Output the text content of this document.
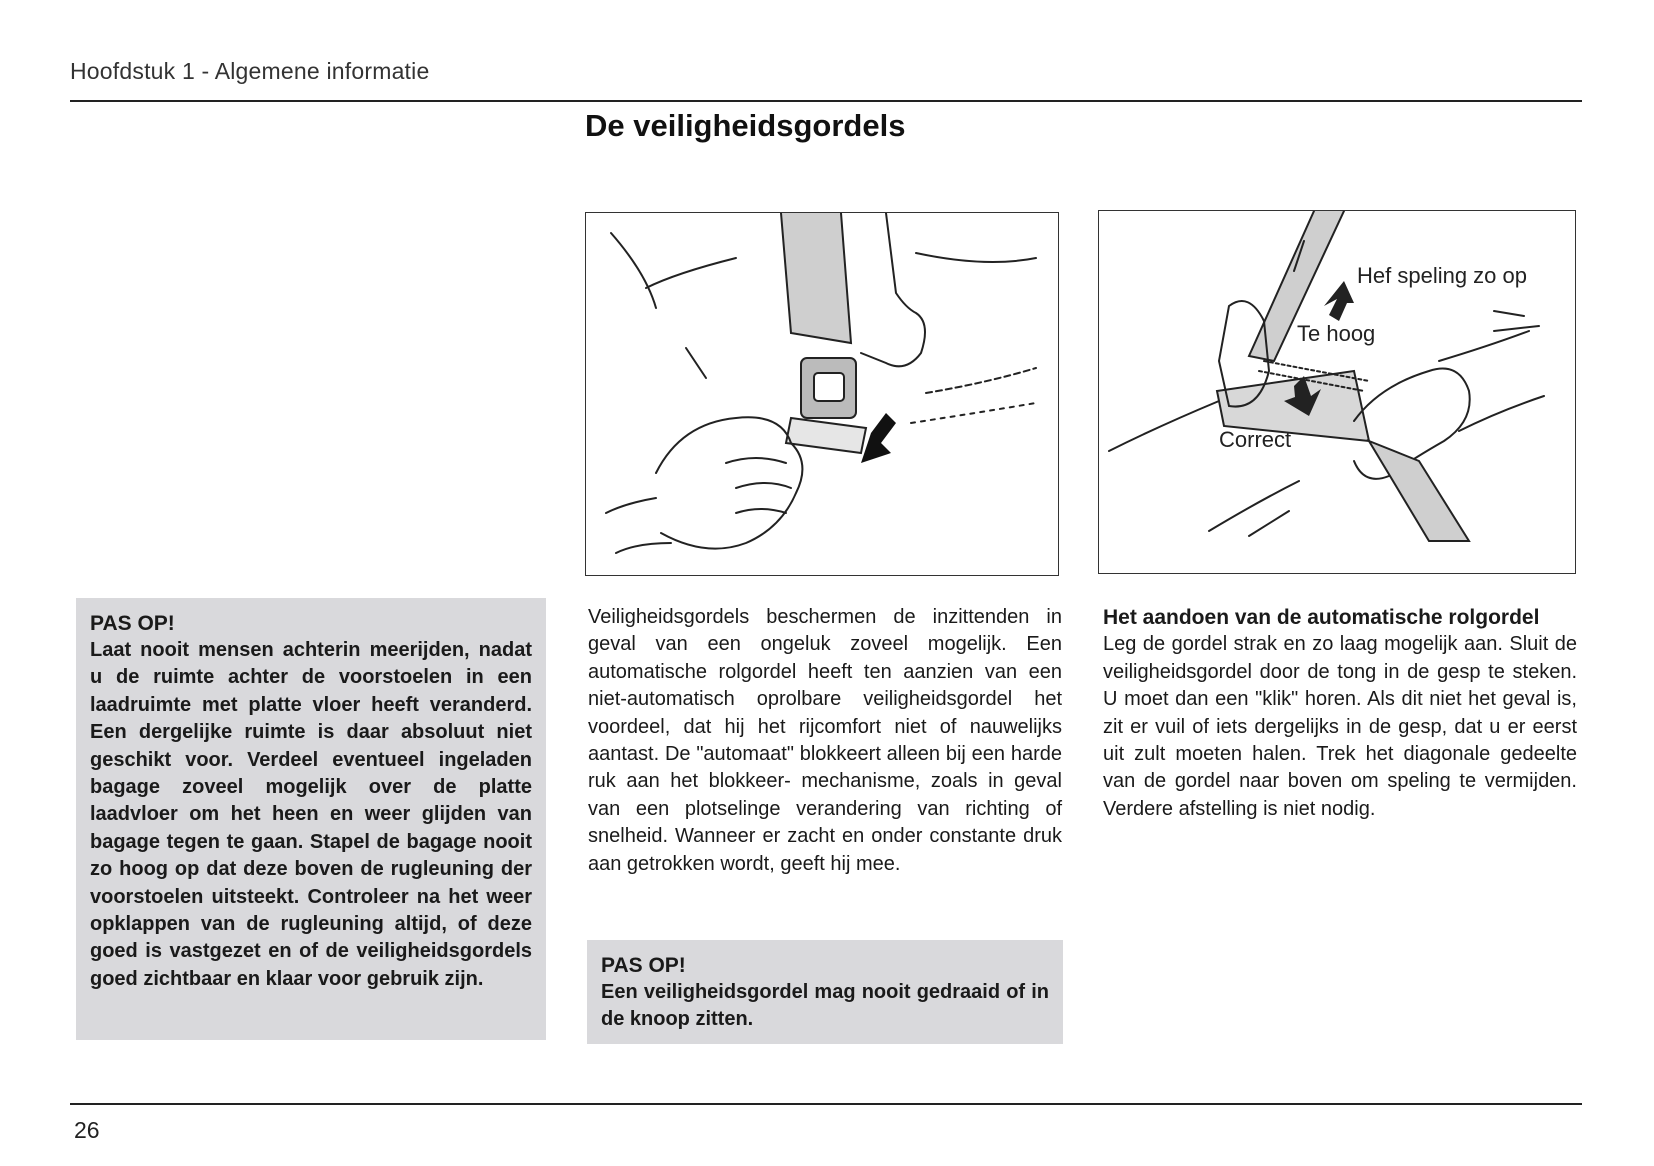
Hoofdstuk 1 - Algemene informatie
De veiligheidsgordels
Hef speling zo op
Te hoog
Correct
PAS OP!
Laat nooit mensen achterin meerijden, nadat u de ruimte achter de voorstoelen in een laadruimte met platte vloer heeft veranderd. Een dergelijke ruimte is daar absoluut niet geschikt voor. Verdeel eventueel ingeladen bagage zoveel mogelijk over de platte laadvloer om het heen en weer glijden van bagage tegen te gaan. Stapel de bagage nooit zo hoog op dat deze boven de rugleuning der voorstoelen uitsteekt. Controleer na het weer opklappen van de rugleuning altijd, of deze goed is vastgezet en of de veiligheidsgordels goed zichtbaar en klaar voor gebruik zijn.
Veiligheidsgordels beschermen de inzittenden in geval van een ongeluk zoveel mogelijk. Een automatische rolgordel heeft ten aanzien van een niet-automatisch oprolbare veiligheidsgordel het voordeel, dat hij het rijcomfort niet of nauwelijks aantast. De "automaat" blokkeert alleen bij een harde ruk aan het blokkeer- mechanisme, zoals in geval van een plotselinge verandering van richting of snelheid. Wanneer er zacht en onder constante druk aan getrokken wordt, geeft hij mee.
PAS OP!
Een veiligheidsgordel mag nooit gedraaid of in de knoop zitten.
Het aandoen van de automatische rolgordel
Leg de gordel strak en zo laag mogelijk aan. Sluit de veiligheidsgordel door de tong in de gesp te steken. U moet dan een "klik" horen. Als dit niet het geval is, zit er vuil of iets dergelijks in de gesp, dat u er eerst uit zult moeten halen. Trek het diagonale gedeelte van de gordel naar boven om speling te vermijden. Verdere afstelling is niet nodig.
26
